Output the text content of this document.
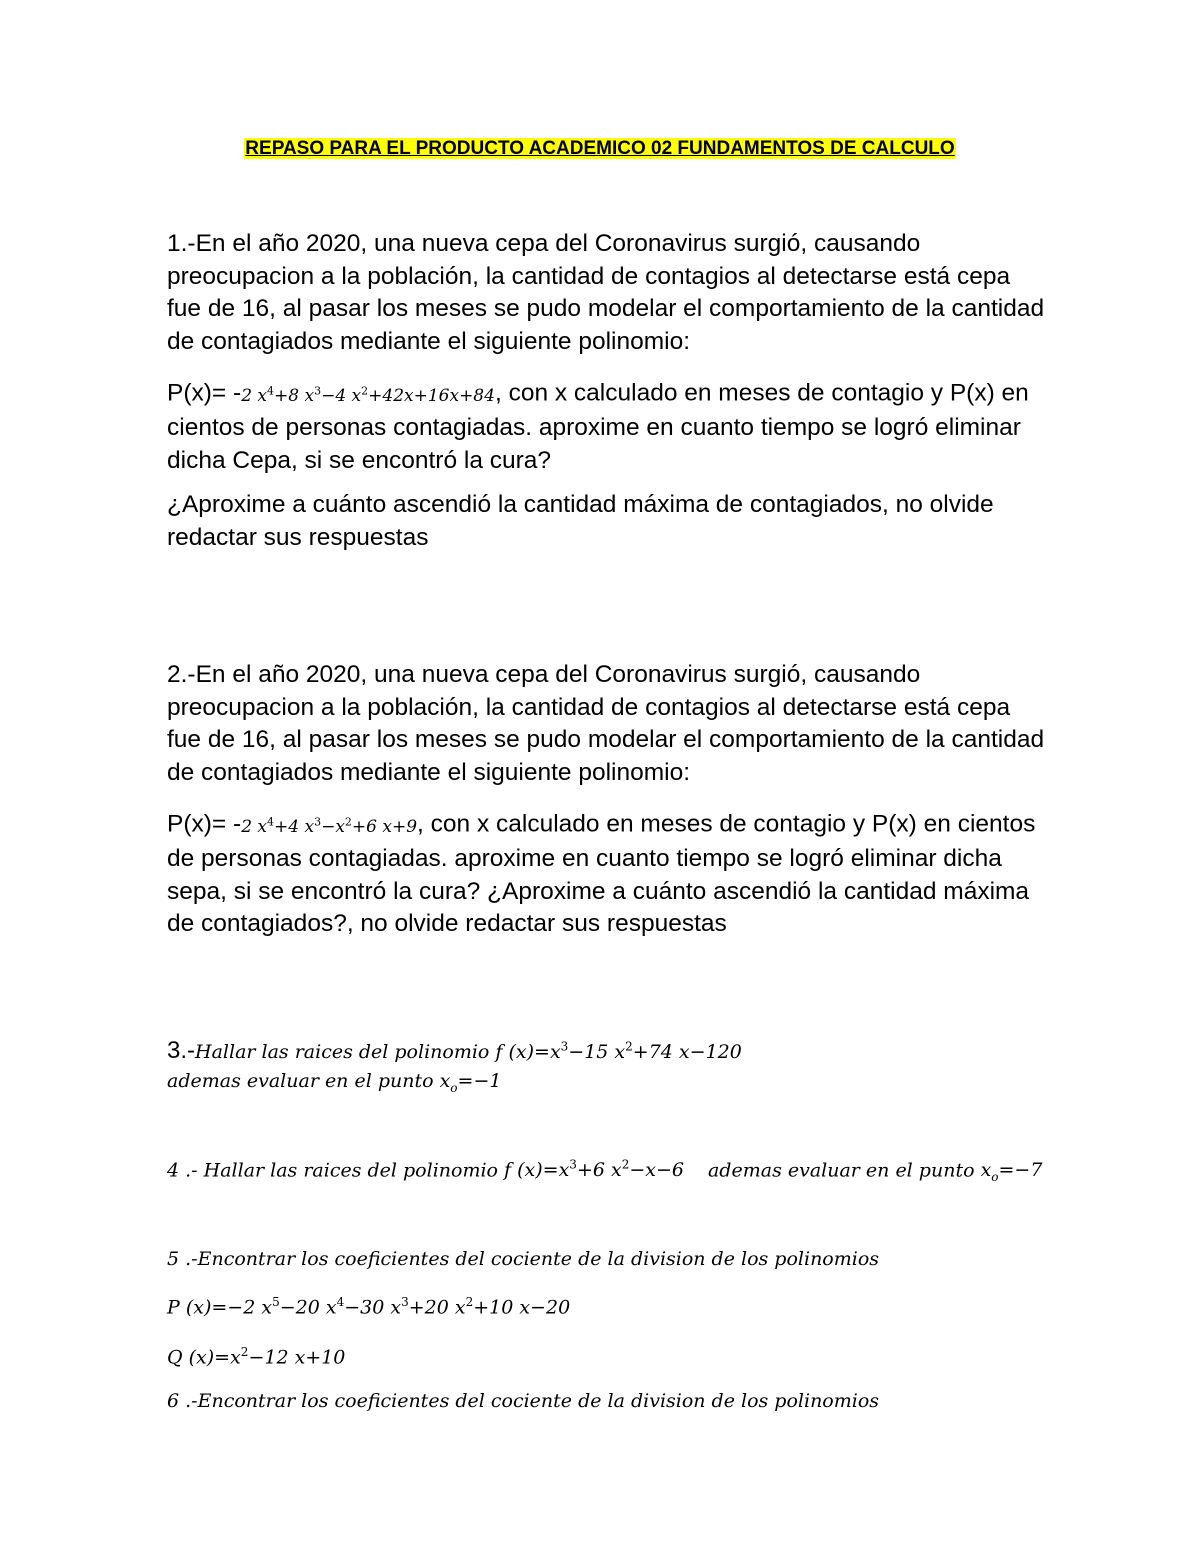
REPASO PARA EL PRODUCTO ACADEMICO 02 FUNDAMENTOS DE CALCULO

1.-En el año 2020, una nueva cepa del Coronavirus surgió, causando preocupacion a la población, la cantidad de contagios al detectarse está cepa fue de 16, al pasar los meses se pudo modelar el comportamiento de la cantidad de contagiados mediante el siguiente polinomio:

P(x)= -2 $x^4+8$ $x^3-4$ $x^2+42x+16x+84$, con x calculado en meses de contagio y P(x) en cientos de personas contagiadas. aproxime en cuanto tiempo se logró eliminar dicha Cepa, si se encontró la cura?

¿Aproxime a cuánto ascendió la cantidad máxima de contagiados, no olvide redactar sus respuestas

2.-En el año 2020, una nueva cepa del Coronavirus surgió, causando preocupacion a la población, la cantidad de contagios al detectarse está cepa fue de 16, al pasar los meses se pudo modelar el comportamiento de la cantidad de contagiados mediante el siguiente polinomio:

P(x)= -2 $x^4+4$ $x^3-x^2+6$ x+9, con x calculado en meses de contagio y P(x) en cientos de personas contagiadas. aproxime en cuanto tiempo se logró eliminar dicha sepa, si se encontró la cura? ¿Aproxime a cuánto ascendió la cantidad máxima de contagiados?, no olvide redactar sus respuestas

3.-Hallar las raices del polinomio f $(x)=x^3-15$ $x^2+74$ x−120
ademas evaluar en el punto $x_o=-1$
4 .- Hallar las raices del polinomio f $(x)=x^3+6$ $x^2-x-6$ ademas evaluar en el punto $x_o=-7$
5 .-Encontrar los coeficientes del cociente de la division de los polinomios
P (x)=−2 $x^5-20$ $x^4-30$ $x^3+20$ $x^2+10$ x−20
Q $(x)=x^2-12$ x+10
6 .-Encontrar los coeficientes del cociente de la division de los polinomios
